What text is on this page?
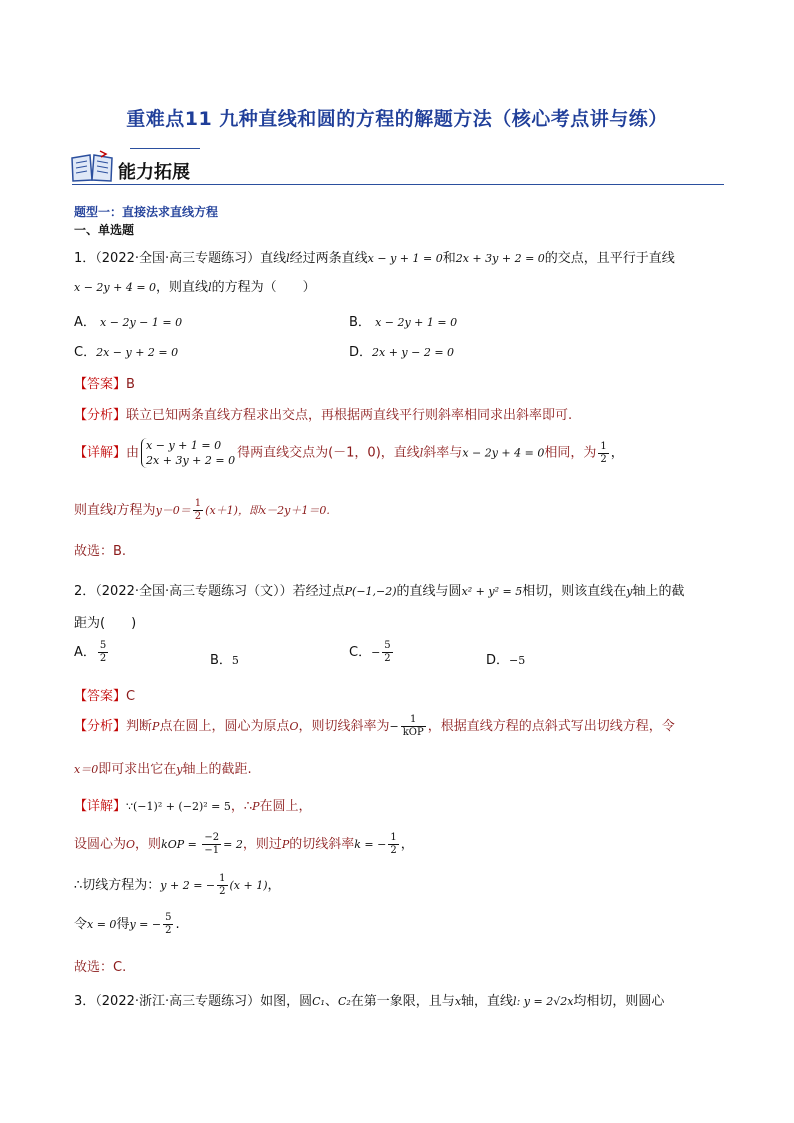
重难点11 九种直线和圆的方程的解题方法（核心考点讲与练）
能力拓展
题型一：直接法求直线方程
一、单选题
1．（2022·全国·高三专题练习）直线l经过两条直线x − y + 1 = 0和2x + 3y + 2 = 0的交点，且平行于直线
x − 2y + 4 = 0，则直线l的方程为（　　）
A． x − 2y − 1 = 0	B． x − 2y + 1 = 0
C．2x − y + 2 = 0	D．2x + y − 2 = 0
【答案】B
【分析】联立已知两条直线方程求出交点，再根据两直线平行则斜率相同求出斜率即可.
【详解】由 x − y + 1 = 0
2x + 3y + 2 = 0 得两直线交点为(－1，0)，直线l斜率与x − 2y + 4 = 0相同，为 $\frac{1}{2}$ ，
则直线l方程为$y-0= \frac{1}{2} (x+1)$，即x－2y＋1＝0.
故选：B.
2．（2022·全国·高三专题练习（文））若经过点P(−1,−2)的直线与圆x² + y² = 5相切，则该直线在y轴上的截
距为(　　)
A． $\frac{5}{2}$	B．5
C．− $\frac{5}{2}$	D．−5
【答案】C
【分析】判断P点在圆上，圆心为原点O，则切线斜率为− $\frac{1}{\text{kOP}}$ ，根据直线方程的点斜式写出切线方程，令
x＝0即可求出它在y轴上的截距.
【详解】∵(−1)² + (−2)² = 5，∴P在圆上，
设圆心为O，则kOP = $\frac{-2}{-1} = 2$，则过P的切线斜率k = − $\frac{1}{2}$ ，
∴切线方程为：y + 2 = − $\frac{1}{2} (x + 1)$，
令x = 0得y = − $\frac{5}{2}$ .
故选：C.
3．（2022·浙江·高三专题练习）如图，圆C₁、C₂在第一象限，且与x轴，直线l: y = 2√2x均相切，则圆心
